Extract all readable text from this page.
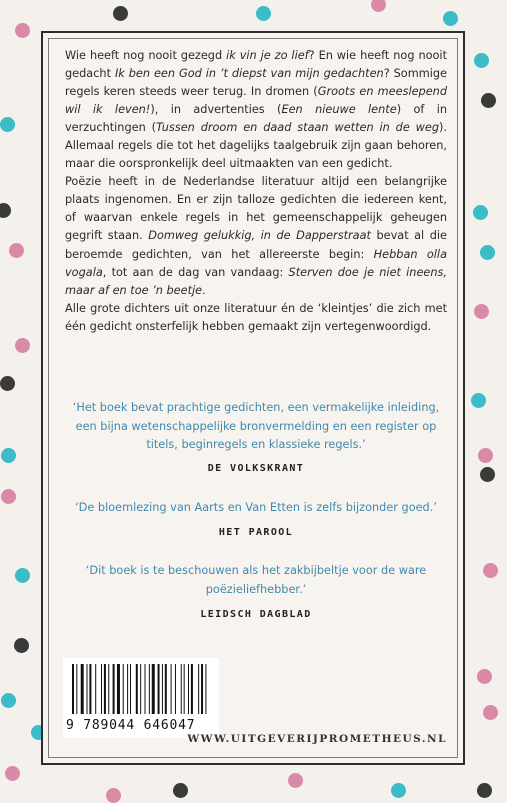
Wie heeft nog nooit gezegd ik vin je zo lief? En wie heeft nog nooit gedacht Ik ben een God in ’t diepst van mijn gedachten? Sommige regels keren steeds weer terug. In dromen (Groots en meeslepend wil ik leven!), in advertenties (Een nieuwe lente) of in verzuchtingen (Tussen droom en daad staan wetten in de weg). Allemaal regels die tot het dagelijks taalgebruik zijn gaan behoren, maar die oorspronkelijk deel uitmaakten van een gedicht.

Poëzie heeft in de Nederlandse literatuur altijd een belangrijke plaats ingenomen. En er zijn talloze gedichten die iedereen kent, of waarvan enkele regels in het gemeenschappelijk geheugen gegrift staan. Domweg gelukkig, in de Dapperstraat bevat al die beroemde gedichten, van het allereerste begin: Hebban olla vogala, tot aan de dag van vandaag: Sterven doe je niet ineens, maar af en toe ’n beetje.

Alle grote dichters uit onze literatuur én de ‘kleintjes’ die zich met één gedicht onsterfelijk hebben gemaakt zijn vertegenwoordigd.

‘Het boek bevat prachtige gedichten, een vermakelijke inleiding, een bijna wetenschappelijke bronvermelding en een register op titels, beginregels en klassieke regels.’

DE VOLKSKRANT

‘De bloemlezing van Aarts en Van Etten is zelfs bijzonder goed.’

HET PAROOL

‘Dit boek is te beschouwen als het zakbijbeltje voor de ware poëzieliefhebber.’

LEIDSCH DAGBLAD
9 789044 646047
WWW.UITGEVERIJPROMETHEUS.NL
